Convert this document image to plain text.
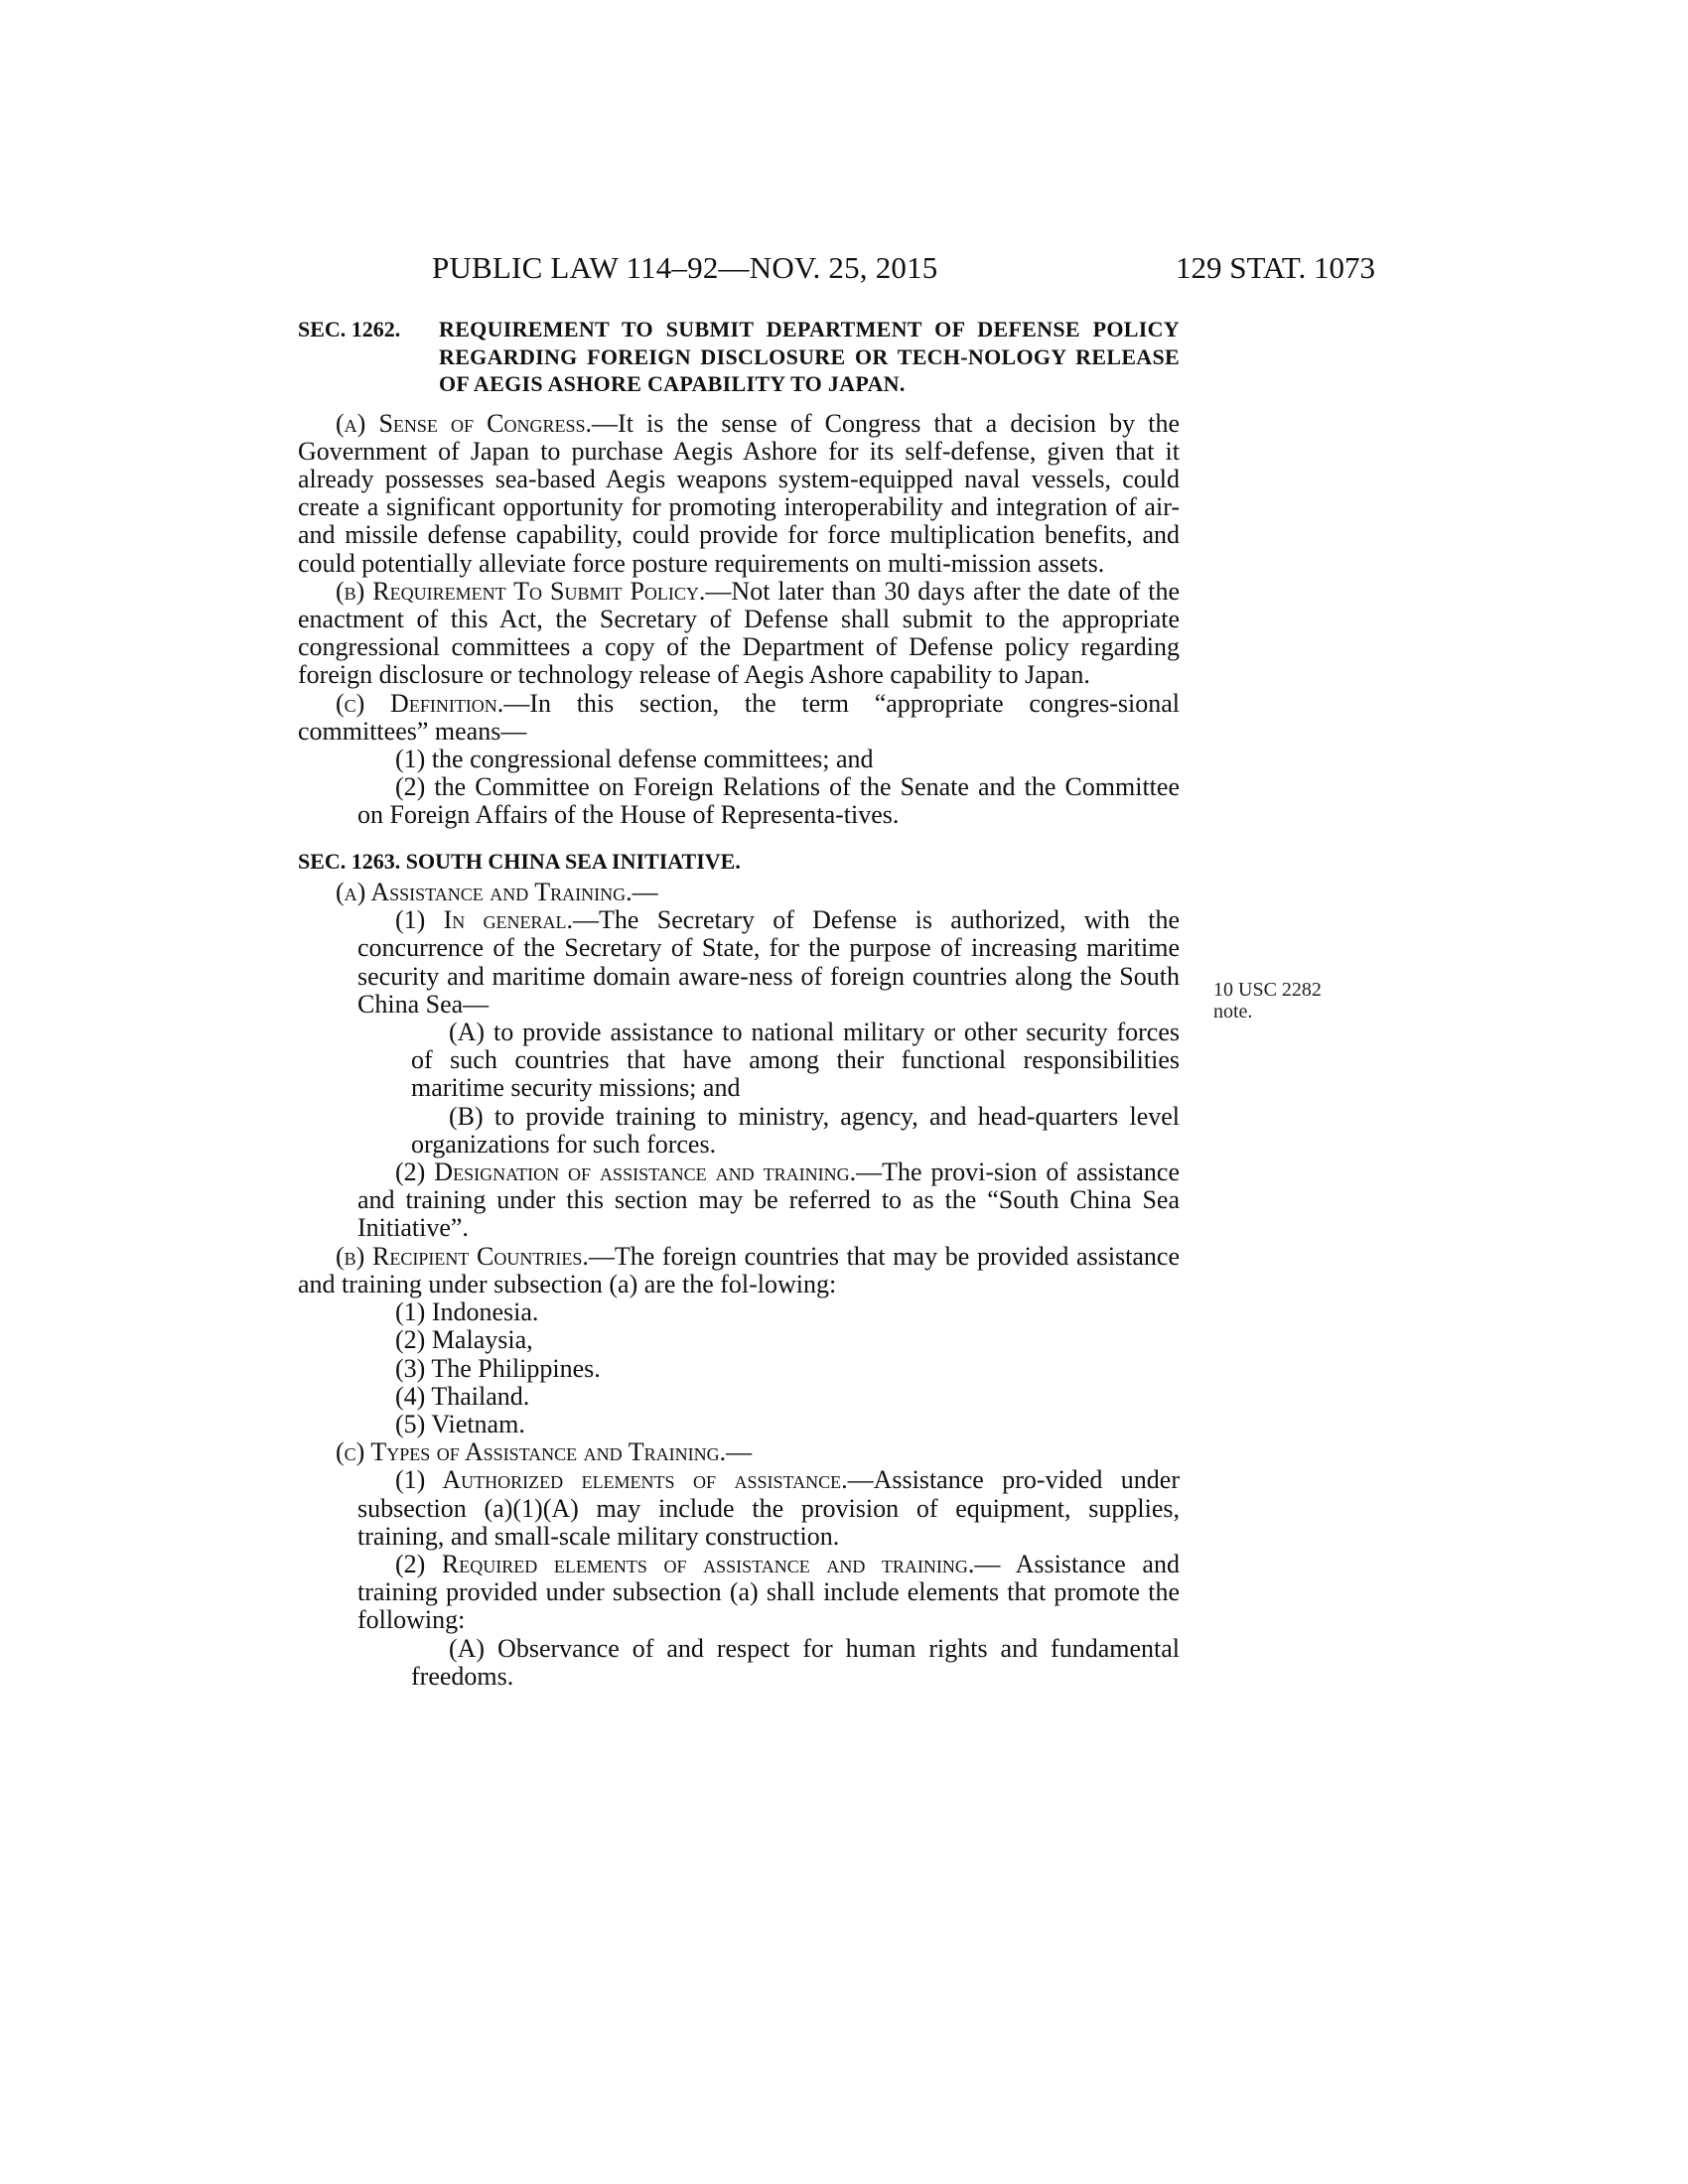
PUBLIC LAW 114–92—NOV. 25, 2015	129 STAT. 1073
SEC. 1262.	REQUIREMENT TO SUBMIT DEPARTMENT OF DEFENSE POLICY REGARDING FOREIGN DISCLOSURE OR TECH-NOLOGY RELEASE OF AEGIS ASHORE CAPABILITY TO JAPAN.

(a) Sense of Congress.—It is the sense of Congress that a decision by the Government of Japan to purchase Aegis Ashore for its self-defense, given that it already possesses sea-based Aegis weapons system-equipped naval vessels, could create a significant opportunity for promoting interoperability and integration of air- and missile defense capability, could provide for force multiplication benefits, and could potentially alleviate force posture requirements on multi-mission assets.

(b) Requirement To Submit Policy.—Not later than 30 days after the date of the enactment of this Act, the Secretary of Defense shall submit to the appropriate congressional committees a copy of the Department of Defense policy regarding foreign disclosure or technology release of Aegis Ashore capability to Japan.

(c) Definition.—In this section, the term “appropriate congres-sional committees” means—

(1) the congressional defense committees; and

(2) the Committee on Foreign Relations of the Senate and the Committee on Foreign Affairs of the House of Representa-tives.

SEC. 1263. SOUTH CHINA SEA INITIATIVE.

(a) Assistance and Training.—

(1) In general.—The Secretary of Defense is authorized, with the concurrence of the Secretary of State, for the purpose of increasing maritime security and maritime domain aware-ness of foreign countries along the South China Sea—

(A) to provide assistance to national military or other security forces of such countries that have among their functional responsibilities maritime security missions; and

(B) to provide training to ministry, agency, and head-quarters level organizations for such forces.

(2) Designation of assistance and training.—The provi-sion of assistance and training under this section may be referred to as the “South China Sea Initiative”.

(b) Recipient Countries.—The foreign countries that may be provided assistance and training under subsection (a) are the fol-lowing:

(1) Indonesia.

(2) Malaysia,

(3) The Philippines.

(4) Thailand.

(5) Vietnam.

(c) Types of Assistance and Training.—

(1) Authorized elements of assistance.—Assistance pro-vided under subsection (a)(1)(A) may include the provision of equipment, supplies, training, and small-scale military construction.

(2) Required elements of assistance and training.— Assistance and training provided under subsection (a) shall include elements that promote the following:

(A) Observance of and respect for human rights and fundamental freedoms.

10 USC 2282
note.
